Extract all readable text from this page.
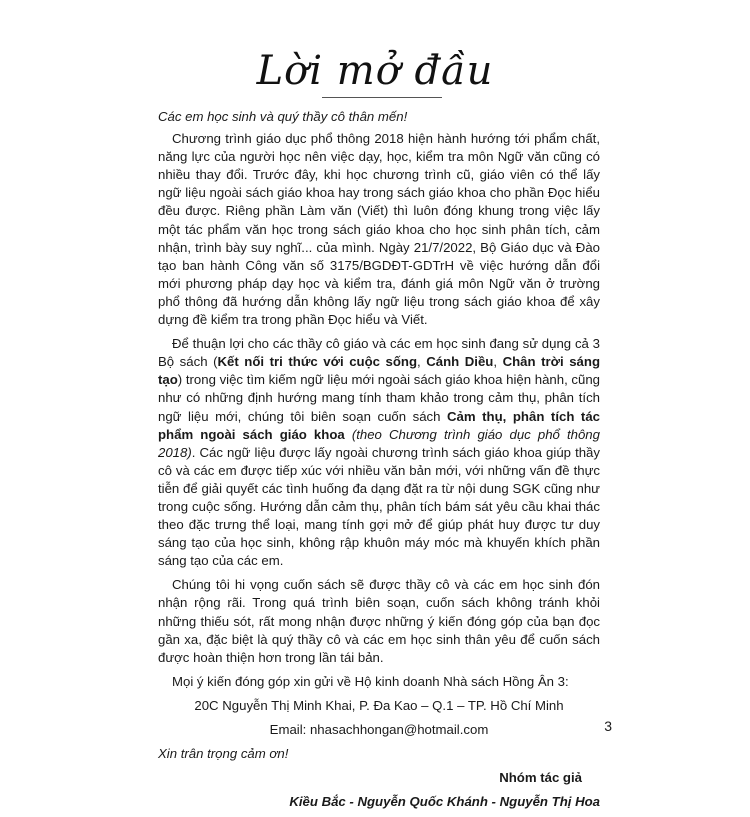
Lời mở đầu

Các em học sinh và quý thầy cô thân mến!

Chương trình giáo dục phổ thông 2018 hiện hành hướng tới phẩm chất, năng lực của người học nên việc dạy, học, kiểm tra môn Ngữ văn cũng có nhiều thay đổi. Trước đây, khi học chương trình cũ, giáo viên có thể lấy ngữ liệu ngoài sách giáo khoa hay trong sách giáo khoa cho phần Đọc hiểu đều được. Riêng phần Làm văn (Viết) thì luôn đóng khung trong việc lấy một tác phẩm văn học trong sách giáo khoa cho học sinh phân tích, cảm nhận, trình bày suy nghĩ... của mình. Ngày 21/7/2022, Bộ Giáo dục và Đào tạo ban hành Công văn số 3175/BGDĐT-GDTrH về việc hướng dẫn đổi mới phương pháp dạy học và kiểm tra, đánh giá môn Ngữ văn ở trường phổ thông đã hướng dẫn không lấy ngữ liệu trong sách giáo khoa để xây dựng đề kiểm tra trong phần Đọc hiểu và Viết.

Để thuận lợi cho các thầy cô giáo và các em học sinh đang sử dụng cả 3 Bộ sách (Kết nối tri thức với cuộc sống, Cánh Diều, Chân trời sáng tạo) trong việc tìm kiếm ngữ liệu mới ngoài sách giáo khoa hiện hành, cũng như có những định hướng mang tính tham khảo trong cảm thụ, phân tích ngữ liệu mới, chúng tôi biên soạn cuốn sách Cảm thụ, phân tích tác phẩm ngoài sách giáo khoa (theo Chương trình giáo dục phổ thông 2018). Các ngữ liệu được lấy ngoài chương trình sách giáo khoa giúp thầy cô và các em được tiếp xúc với nhiều văn bản mới, với những vấn đề thực tiễn để giải quyết các tình huống đa dạng đặt ra từ nội dung SGK cũng như trong cuộc sống. Hướng dẫn cảm thụ, phân tích bám sát yêu cầu khai thác theo đặc trưng thể loại, mang tính gợi mở để giúp phát huy được tư duy sáng tạo của học sinh, không rập khuôn máy móc mà khuyến khích phần sáng tạo của các em.

Chúng tôi hi vọng cuốn sách sẽ được thầy cô và các em học sinh đón nhận rộng rãi. Trong quá trình biên soạn, cuốn sách không tránh khỏi những thiếu sót, rất mong nhận được những ý kiến đóng góp của bạn đọc gần xa, đặc biệt là quý thầy cô và các em học sinh thân yêu để cuốn sách được hoàn thiện hơn trong lần tái bản.

Mọi ý kiến đóng góp xin gửi về Hộ kinh doanh Nhà sách Hồng Ân 3:

20C Nguyễn Thị Minh Khai, P. Đa Kao – Q.1 – TP. Hồ Chí Minh

Email: nhasachhongan@hotmail.com

Xin trân trọng cảm ơn!

Nhóm tác giả

Kiều Bắc - Nguyễn Quốc Khánh - Nguyễn Thị Hoa

3
